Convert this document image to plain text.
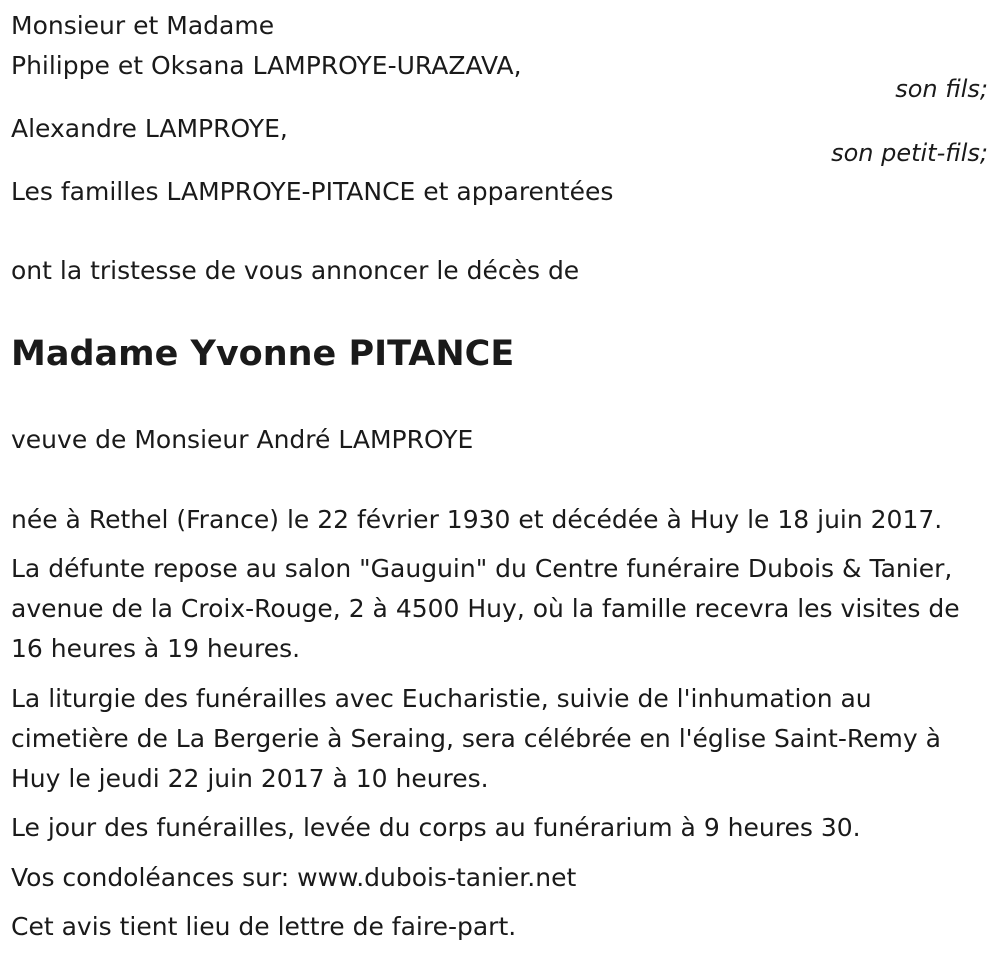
Monsieur et Madame
Philippe et Oksana LAMPROYE-URAZAVA,
son fils;
Alexandre LAMPROYE,
son petit-fils;
Les familles LAMPROYE-PITANCE et apparentées
ont la tristesse de vous annoncer le décès de
Madame Yvonne PITANCE
veuve de Monsieur André LAMPROYE
née à Rethel (France) le 22 février 1930 et décédée à Huy le 18 juin 2017.
La défunte repose au salon "Gauguin" du Centre funéraire Dubois & Tanier, avenue de la Croix-Rouge, 2 à 4500 Huy, où la famille recevra les visites de 16 heures à 19 heures.
La liturgie des funérailles avec Eucharistie, suivie de l'inhumation au cimetière de La Bergerie à Seraing, sera célébrée en l'église Saint-Remy à Huy le jeudi 22 juin 2017 à 10 heures.
Le jour des funérailles, levée du corps au funérarium à 9 heures 30.
Vos condoléances sur: www.dubois-tanier.net
Cet avis tient lieu de lettre de faire-part.
